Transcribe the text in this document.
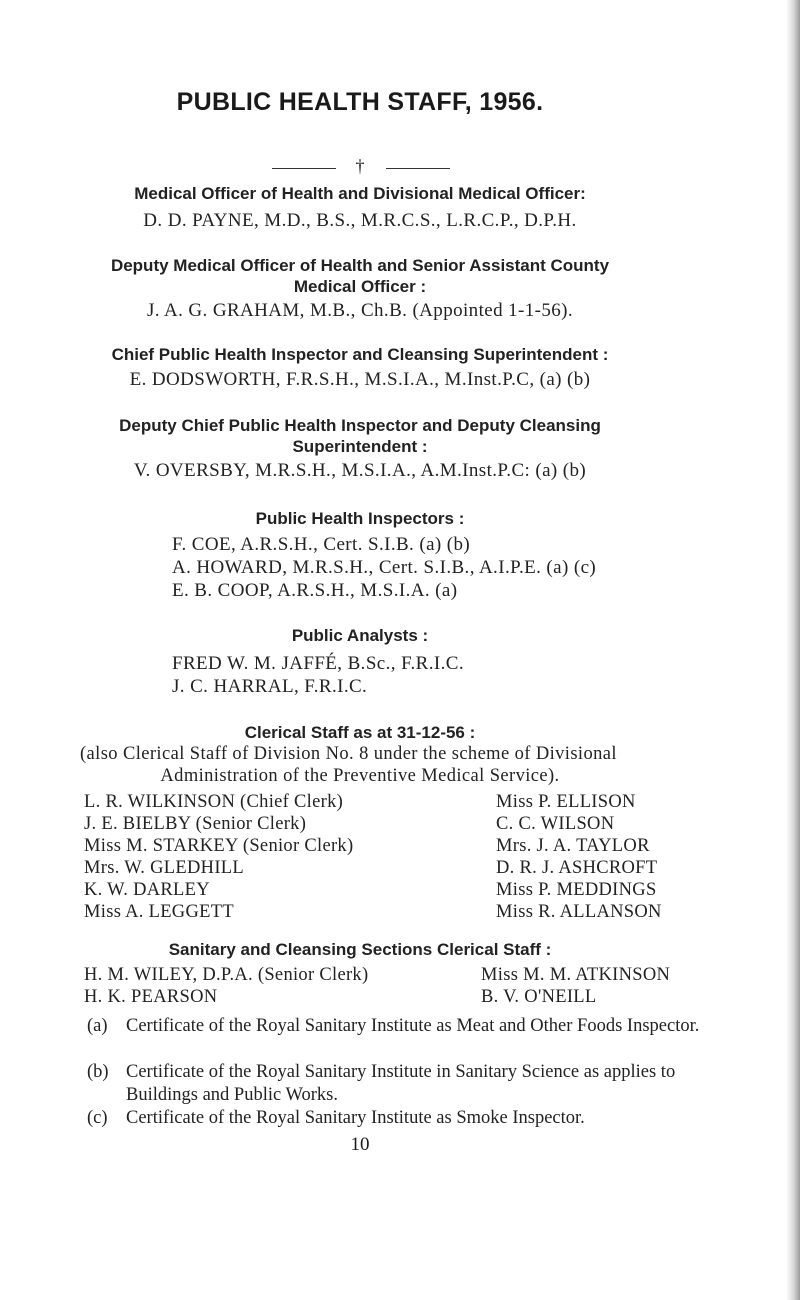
PUBLIC HEALTH STAFF, 1956.
†
Medical Officer of Health and Divisional Medical Officer:
D. D. PAYNE, M.D., B.S., M.R.C.S., L.R.C.P., D.P.H.
Deputy Medical Officer of Health and Senior Assistant County
Medical Officer :
J. A. G. GRAHAM, M.B., Ch.B. (Appointed 1-1-56).
Chief Public Health Inspector and Cleansing Superintendent :
E. DODSWORTH, F.R.S.H., M.S.I.A., M.Inst.P.C, (a) (b)
Deputy Chief Public Health Inspector and Deputy Cleansing
Superintendent :
V. OVERSBY, M.R.S.H., M.S.I.A., A.M.Inst.P.C: (a) (b)
Public Health Inspectors :
F. COE, A.R.S.H., Cert. S.I.B. (a) (b)
A. HOWARD, M.R.S.H., Cert. S.I.B., A.I.P.E. (a) (c)
E. B. COOP, A.R.S.H., M.S.I.A. (a)
Public Analysts :
FRED W. M. JAFFÉ, B.Sc., F.R.I.C.
J. C. HARRAL, F.R.I.C.
Clerical Staff as at 31-12-56 :
(also Clerical Staff of Division No. 8 under the scheme of Divisional
Administration of the Preventive Medical Service).
L. R. WILKINSON (Chief Clerk)
J. E. BIELBY (Senior Clerk)
Miss M. STARKEY (Senior Clerk)
Mrs. W. GLEDHILL
K. W. DARLEY
Miss A. LEGGETT
Miss P. ELLISON
C. C. WILSON
Mrs. J. A. TAYLOR
D. R. J. ASHCROFT
Miss P. MEDDINGS
Miss R. ALLANSON
Sanitary and Cleansing Sections Clerical Staff :
H. M. WILEY, D.P.A. (Senior Clerk)
H. K. PEARSON
Miss M. M. ATKINSON
B. V. O'NEILL
(a) Certificate of the Royal Sanitary Institute as Meat and Other Foods Inspector.
(b) Certificate of the Royal Sanitary Institute in Sanitary Science as applies to Buildings and Public Works.
(c) Certificate of the Royal Sanitary Institute as Smoke Inspector.
10
